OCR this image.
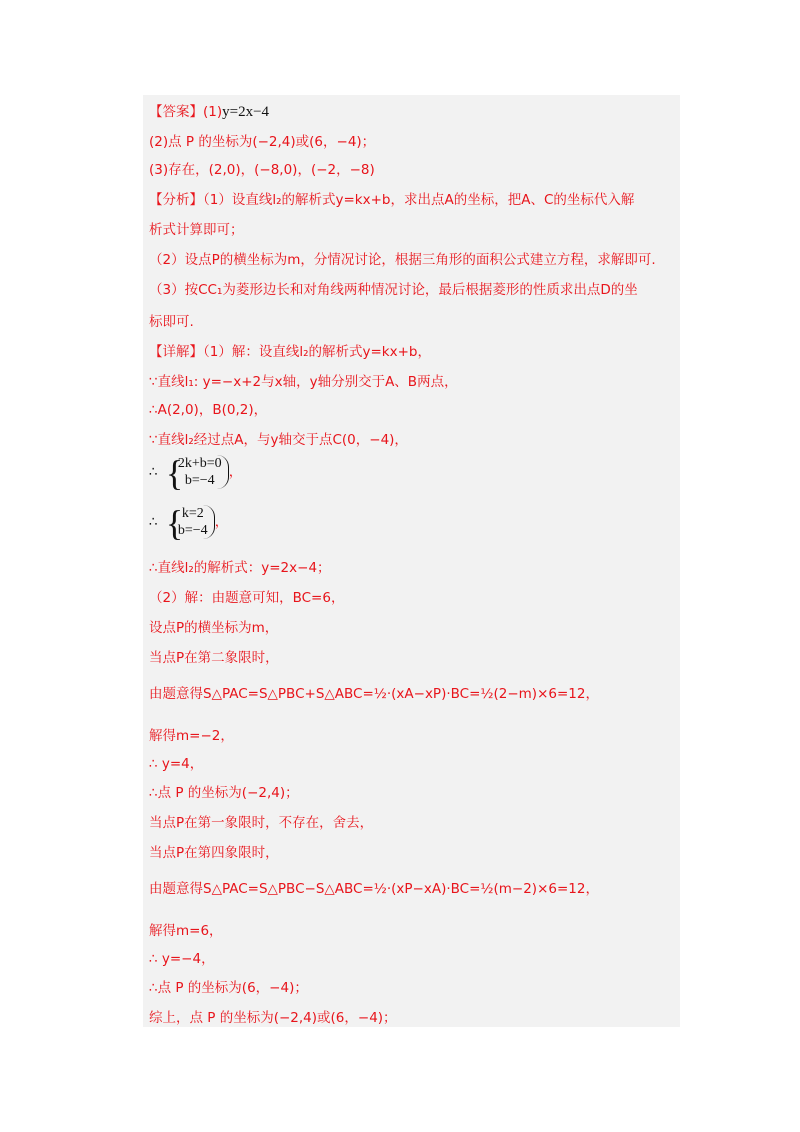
【答案】(1)y=2x−4
(2)点 P 的坐标为(−2,4)或(6，−4)；
(3)存在，(2,0)，(−8,0)，(−2，−8)
【分析】（1）设直线l₂的解析式y=kx+b，求出点A的坐标，把A、C的坐标代入解
析式计算即可；
（2）设点P的横坐标为m，分情况讨论，根据三角形的面积公式建立方程，求解即可.
（3）按CC₁为菱形边长和对角线两种情况讨论，最后根据菱形的性质求出点D的坐
标即可.
【详解】（1）解：设直线l₂的解析式y=kx+b，
∵直线l₁: y=−x+2与x轴，y轴分别交于A、B两点，
∴A(2,0)，B(0,2)，
∵直线l₂经过点A，与y轴交于点C(0，−4)，
∴ {
2k+b=0
b=−4
，
∴ {
k=2
b=−4
，
∴直线l₂的解析式：y=2x−4；
（2）解：由题意可知，BC=6，
设点P的横坐标为m，
当点P在第二象限时，
由题意得S△PAC=S△PBC+S△ABC=½·(xA−xP)·BC=½(2−m)×6=12，
解得m=−2，
∴ y=4，
∴点 P 的坐标为(−2,4)；
当点P在第一象限时，不存在，舍去，
当点P在第四象限时，
由题意得S△PAC=S△PBC−S△ABC=½·(xP−xA)·BC=½(m−2)×6=12，
解得m=6，
∴ y=−4，
∴点 P 的坐标为(6，−4)；
综上，点 P 的坐标为(−2,4)或(6，−4)；
